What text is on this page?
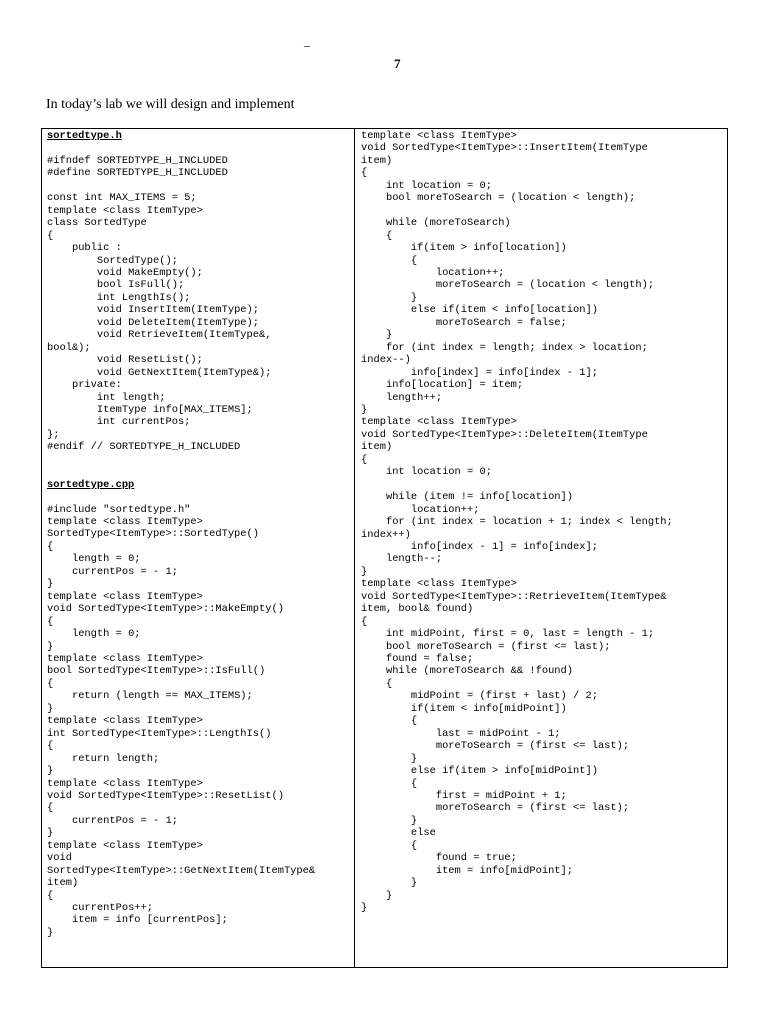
–
7
In today’s lab we will design and implement
sortedtype.h
#ifndef SORTEDTYPE_H_INCLUDED
#define SORTEDTYPE_H_INCLUDED

const int MAX_ITEMS = 5;
template <class ItemType>
class SortedType
{
public :
SortedType();
void MakeEmpty();
bool IsFull();
int LengthIs();
void InsertItem(ItemType);
void DeleteItem(ItemType);
void RetrieveItem(ItemType&,
bool&);
void ResetList();
void GetNextItem(ItemType&);
private:
int length;
ItemType info[MAX_ITEMS];
int currentPos;
};
#endif // SORTEDTYPE_H_INCLUDED
sortedtype.cpp
#include "sortedtype.h"
template <class ItemType>
SortedType<ItemType>::SortedType()
{
length = 0;
currentPos = - 1;
}
template <class ItemType>
void SortedType<ItemType>::MakeEmpty()
{
length = 0;
}
template <class ItemType>
bool SortedType<ItemType>::IsFull()
{
return (length == MAX_ITEMS);
}
template <class ItemType>
int SortedType<ItemType>::LengthIs()
{
return length;
}
template <class ItemType>
void SortedType<ItemType>::ResetList()
{
currentPos = - 1;
}
template <class ItemType>
void
SortedType<ItemType>::GetNextItem(ItemType&
item)
{
currentPos++;
item = info [currentPos];
}
template <class ItemType>
void SortedType<ItemType>::InsertItem(ItemType
item)
{
int location = 0;
bool moreToSearch = (location < length);

while (moreToSearch)
{
if(item > info[location])
{
location++;
moreToSearch = (location < length);
}
else if(item < info[location])
moreToSearch = false;
}
for (int index = length; index > location;
index--)
info[index] = info[index - 1];
info[location] = item;
length++;
}
template <class ItemType>
void SortedType<ItemType>::DeleteItem(ItemType
item)
{
int location = 0;

while (item != info[location])
location++;
for (int index = location + 1; index < length;
index++)
info[index - 1] = info[index];
length--;
}
template <class ItemType>
void SortedType<ItemType>::RetrieveItem(ItemType&
item, bool& found)
{
int midPoint, first = 0, last = length - 1;
bool moreToSearch = (first <= last);
found = false;
while (moreToSearch && !found)
{
midPoint = (first + last) / 2;
if(item < info[midPoint])
{
last = midPoint - 1;
moreToSearch = (first <= last);
}
else if(item > info[midPoint])
{
first = midPoint + 1;
moreToSearch = (first <= last);
}
else
{
found = true;
item = info[midPoint];
}
}
}
